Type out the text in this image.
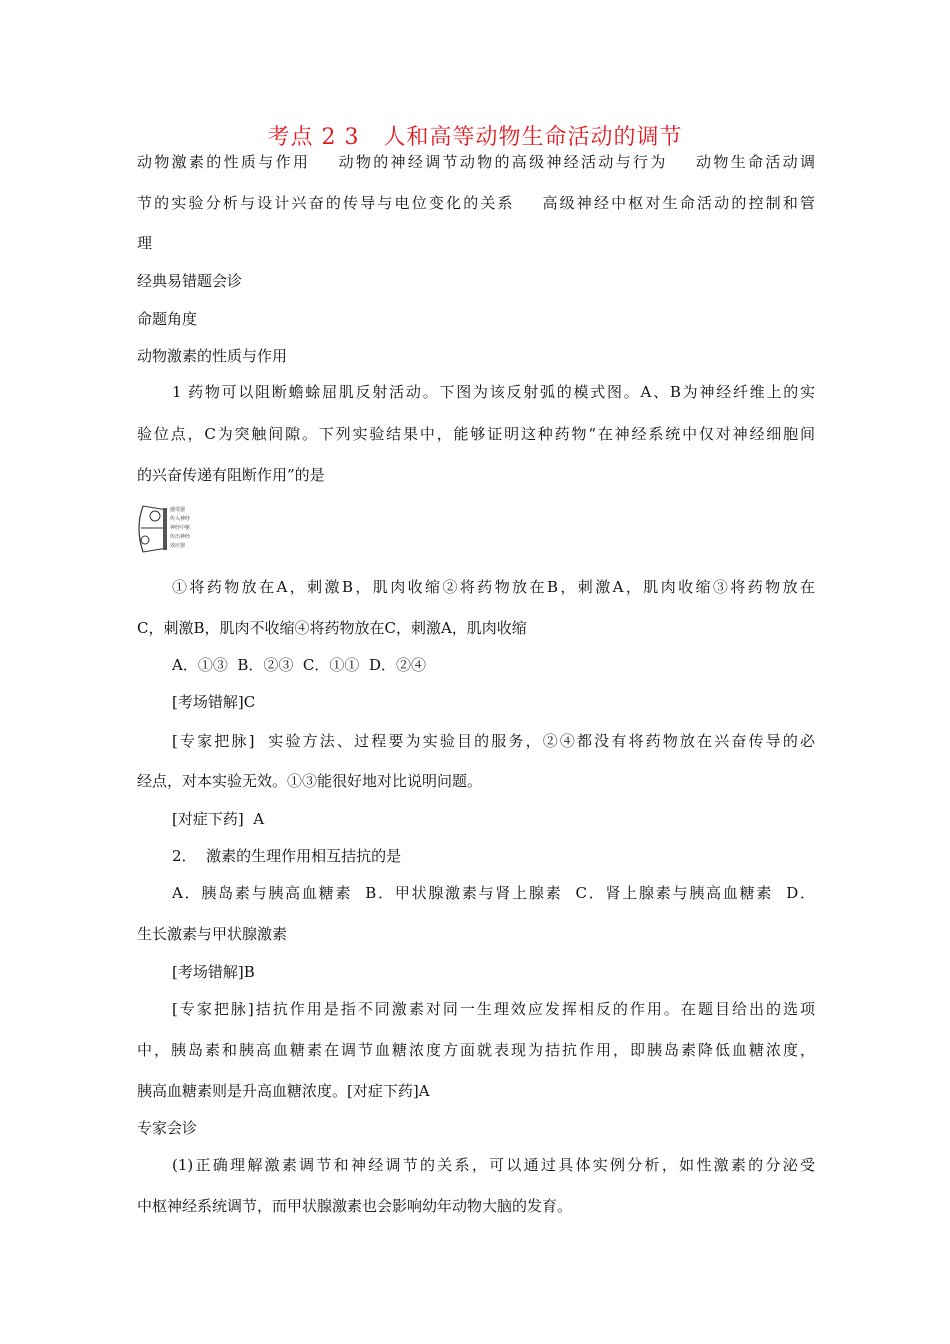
考点 2 3   人和高等动物生命活动的调节
动物激素的性质与作用    动物的神经调节动物的高级神经活动与行为    动物生命活动调
节的实验分析与设计兴奋的传导与电位变化的关系    高级神经中枢对生命活动的控制和管
理
经典易错题会诊
命题角度
动物激素的性质与作用
1 药物可以阻断蟾蜍屈肌反射活动。下图为该反射弧的模式图。A、B为神经纤维上的实
验位点，C为突触间隙。下列实验结果中，能够证明这种药物“在神经系统中仅对神经细胞间
的兴奋传递有阻断作用”的是
感受器
传入神经
神经中枢
传出神经
效应器
①将药物放在A，刺激B，肌肉收缩②将药物放在B，刺激A，肌肉收缩③将药物放在
C，刺激B，肌肉不收缩④将药物放在C，刺激A，肌肉收缩
A．①③  B．②③  C．①①  D．②④
[考场错解]C
[专家把脉]  实验方法、过程要为实验目的服务，②④都没有将药物放在兴奋传导的必
经点，对本实验无效。①③能很好地对比说明问题。
[对症下药]  A
2．  激素的生理作用相互拮抗的是
A．胰岛素与胰高血糖素  B．甲状腺激素与肾上腺素  C．肾上腺素与胰高血糖素  D．
生长激素与甲状腺激素
[考场错解]B
[专家把脉]拮抗作用是指不同激素对同一生理效应发挥相反的作用。在题目给出的选项
中，胰岛素和胰高血糖素在调节血糖浓度方面就表现为拮抗作用，即胰岛素降低血糖浓度，
胰高血糖素则是升高血糖浓度。[对症下药]A
专家会诊
(1)正确理解激素调节和神经调节的关系，可以通过具体实例分析，如性激素的分泌受
中枢神经系统调节，而甲状腺激素也会影响幼年动物大脑的发育。
